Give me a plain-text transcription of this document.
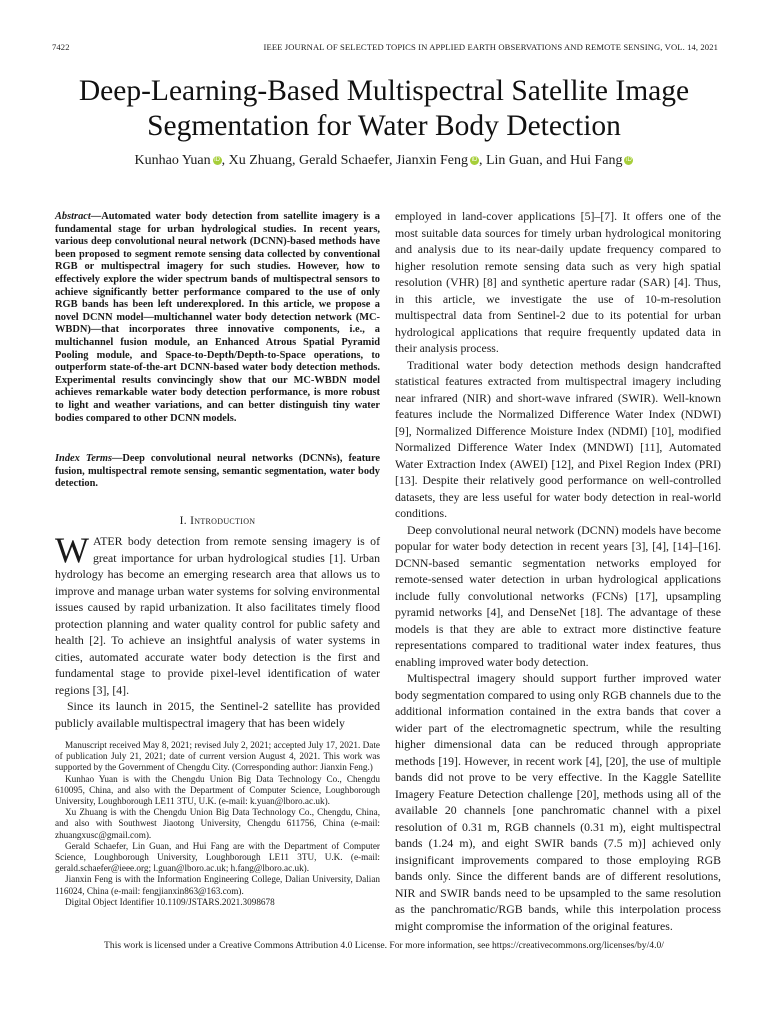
7422	IEEE JOURNAL OF SELECTED TOPICS IN APPLIED EARTH OBSERVATIONS AND REMOTE SENSING, VOL. 14, 2021
Deep-Learning-Based Multispectral Satellite Image
Segmentation for Water Body Detection
Kunhao Yuan iD , Xu Zhuang, Gerald Schaefer, Jianxin Feng iD , Lin Guan, and Hui Fang iD
Abstract—Automated water body detection from satellite imagery is a fundamental stage for urban hydrological studies. In recent years, various deep convolutional neural network (DCNN)-based methods have been proposed to segment remote sensing data collected by conventional RGB or multispectral imagery for such studies. However, how to effectively explore the wider spectrum bands of multispectral sensors to achieve significantly better performance compared to the use of only RGB bands has been left underexplored. In this article, we propose a novel DCNN model—multichannel water body detection network (MC-WBDN)—that incorporates three innovative components, i.e., a multichannel fusion module, an Enhanced Atrous Spatial Pyramid Pooling module, and Space-to-Depth/Depth-to-Space operations, to outperform state-of-the-art DCNN-based water body detection methods. Experimental results convincingly show that our MC-WBDN model achieves remarkable water body detection performance, is more robust to light and weather variations, and can better distinguish tiny water bodies compared to other DCNN models.
Index Terms—Deep convolutional neural networks (DCNNs), feature fusion, multispectral remote sensing, semantic segmentation, water body detection.
I. Introduction

WATER body detection from remote sensing imagery is of great importance for urban hydrological studies [1]. Urban hydrology has become an emerging research area that allows us to improve and manage urban water systems for solving environmental issues caused by rapid urbanization. It also facilitates timely flood protection planning and water quality control for public safety and health [2]. To achieve an insightful analysis of water systems in cities, automated accurate water body detection is the first and fundamental stage to provide pixel-level identification of water regions [3], [4].

Since its launch in 2015, the Sentinel-2 satellite has provided publicly available multispectral imagery that has been widely

Manuscript received May 8, 2021; revised July 2, 2021; accepted July 17, 2021. Date of publication July 21, 2021; date of current version August 4, 2021. This work was supported by the Government of Chengdu City. (Corresponding author: Jianxin Feng.)

Kunhao Yuan is with the Chengdu Union Big Data Technology Co., Chengdu 610095, China, and also with the Department of Computer Science, Loughborough University, Loughborough LE11 3TU, U.K. (e-mail: k.yuan@lboro.ac.uk).

Xu Zhuang is with the Chengdu Union Big Data Technology Co., Chengdu, China, and also with Southwest Jiaotong University, Chengdu 611756, China (e-mail: zhuangxusc@gmail.com).

Gerald Schaefer, Lin Guan, and Hui Fang are with the Department of Computer Science, Loughborough University, Loughborough LE11 3TU, U.K. (e-mail: gerald.schaefer@ieee.org; l.guan@lboro.ac.uk; h.fang@lboro.ac.uk).

Jianxin Feng is with the Information Engineering College, Dalian University, Dalian 116024, China (e-mail: fengjianxin863@163.com).

Digital Object Identifier 10.1109/JSTARS.2021.3098678

employed in land-cover applications [5]–[7]. It offers one of the most suitable data sources for timely urban hydrological monitoring and analysis due to its near-daily update frequency compared to higher resolution remote sensing data such as very high spatial resolution (VHR) [8] and synthetic aperture radar (SAR) [4]. Thus, in this article, we investigate the use of 10-m-resolution multispectral data from Sentinel-2 due to its potential for urban hydrological applications that require frequently updated data in their analysis process.

Traditional water body detection methods design handcrafted statistical features extracted from multispectral imagery including near infrared (NIR) and short-wave infrared (SWIR). Well-known features include the Normalized Difference Water Index (NDWI) [9], Normalized Difference Moisture Index (NDMI) [10], modified Normalized Difference Water Index (MNDWI) [11], Automated Water Extraction Index (AWEI) [12], and Pixel Region Index (PRI) [13]. Despite their relatively good performance on well-controlled datasets, they are less useful for water body detection in real-world conditions.

Deep convolutional neural network (DCNN) models have become popular for water body detection in recent years [3], [4], [14]–[16]. DCNN-based semantic segmentation networks employed for remote-sensed water detection in urban hydrological applications include fully convolutional networks (FCNs) [17], upsampling pyramid networks [4], and DenseNet [18]. The advantage of these models is that they are able to extract more distinctive feature representations compared to traditional water index features, thus enabling improved water body detection.

Multispectral imagery should support further improved water body segmentation compared to using only RGB channels due to the additional information contained in the extra bands that cover a wider part of the electromagnetic spectrum, while the resulting higher dimensional data can be reduced through appropriate methods [19]. However, in recent work [4], [20], the use of multiple bands did not prove to be very effective. In the Kaggle Satellite Imagery Feature Detection challenge [20], methods using all of the available 20 channels [one panchromatic channel with a pixel resolution of 0.31 m, RGB channels (0.31 m), eight multispectral bands (1.24 m), and eight SWIR bands (7.5 m)] achieved only insignificant improvements compared to those employing RGB bands only. Since the different bands are of different resolutions, NIR and SWIR bands need to be upsampled to the same resolution as the panchromatic/RGB bands, while this interpolation process might compromise the information of the original features.

This work is licensed under a Creative Commons Attribution 4.0 License. For more information, see https://creativecommons.org/licenses/by/4.0/
